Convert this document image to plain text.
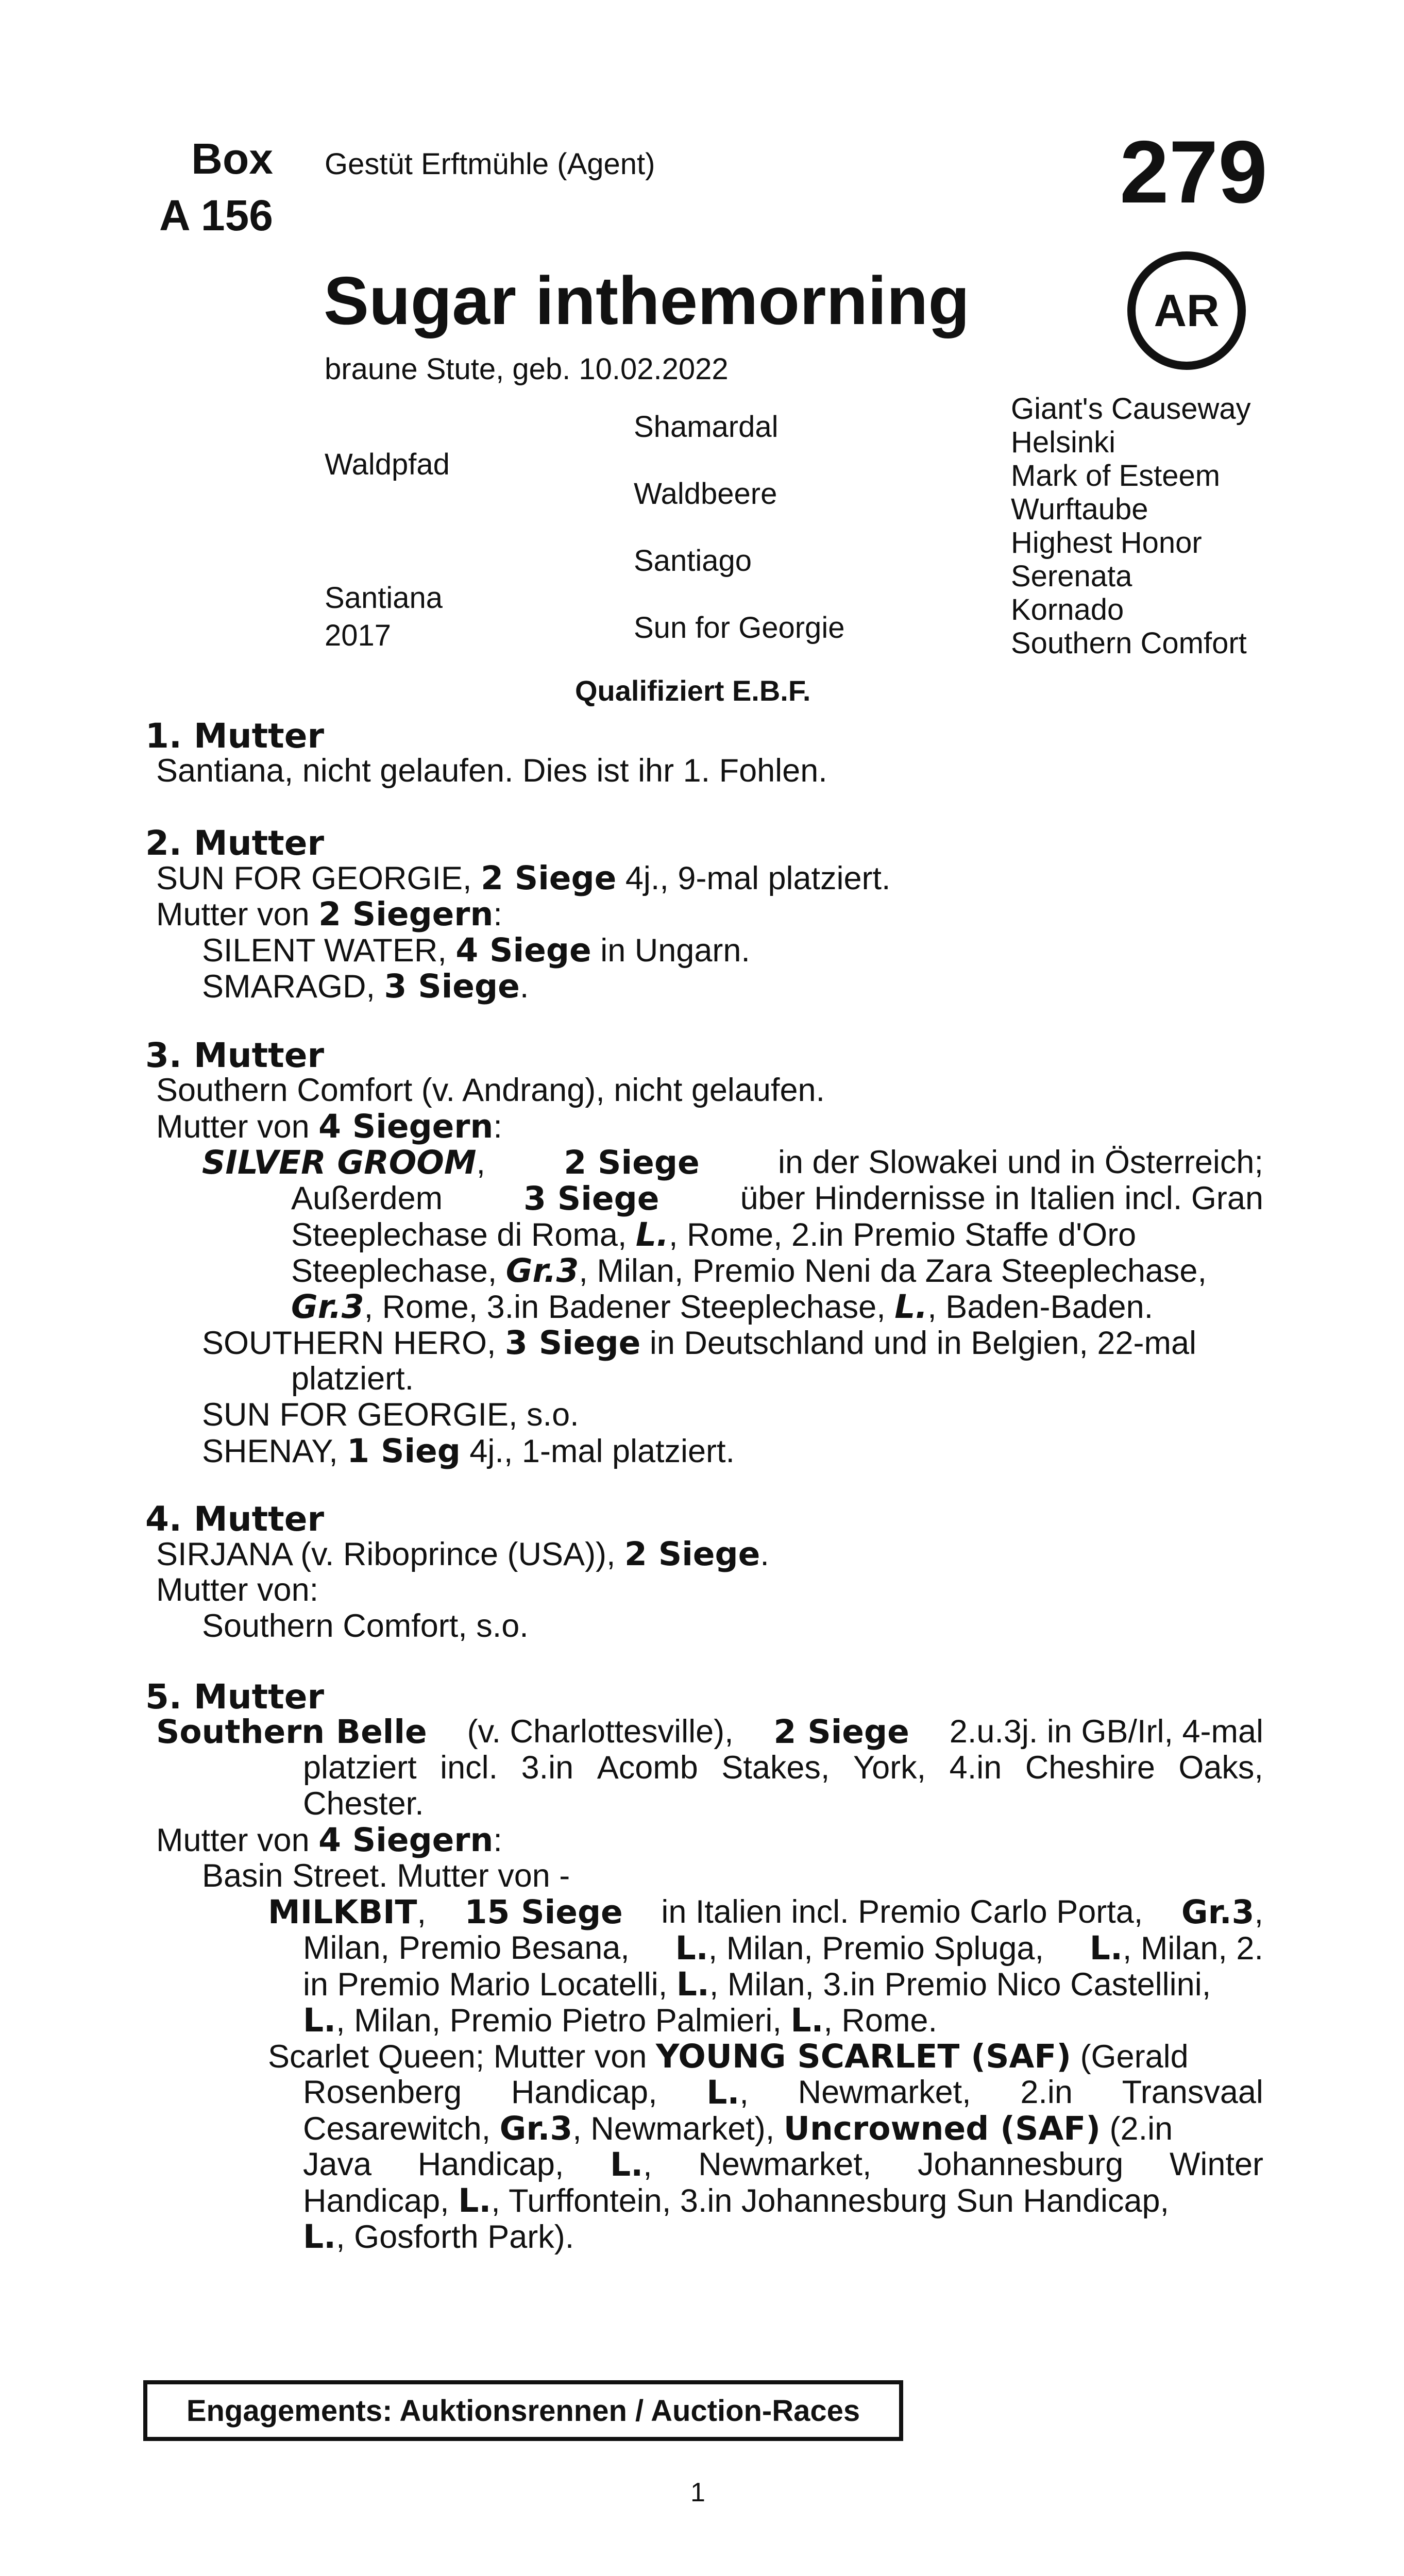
Box
A 156
Gestüt Erftmühle (Agent)	279
AR
Sugar inthemorning
braune Stute, geb. 10.02.2022
Waldpfad
Santiana
2017
Shamardal
Waldbeere
Santiago
Sun for Georgie
Giant's Causeway
Helsinki
Mark of Esteem
Wurftaube
Highest Honor
Serenata
Kornado
Southern Comfort
Qualifiziert E.B.F.
1. Mutter
Santiana, nicht gelaufen. Dies ist ihr 1. Fohlen.
2. Mutter
SUN FOR GEORGIE, 2 Siege 4j., 9-mal platziert.
Mutter von 2 Siegern:
SILENT WATER, 4 Siege in Ungarn.
SMARAGD, 3 Siege.
3. Mutter
Southern Comfort (v. Andrang), nicht gelaufen.
Mutter von 4 Siegern:
SILVER GROOM, 2 Siege in der Slowakei und in Österreich;
Außerdem 3 Siege über Hindernisse in Italien incl. Gran
Steeplechase di Roma, L., Rome, 2.in Premio Staffe d'Oro
Steeplechase, Gr.3, Milan, Premio Neni da Zara Steeplechase,
Gr.3, Rome, 3.in Badener Steeplechase, L., Baden-Baden.
SOUTHERN HERO, 3 Siege in Deutschland und in Belgien, 22-mal
platziert.
SUN FOR GEORGIE, s.o.
SHENAY, 1 Sieg 4j., 1-mal platziert.
4. Mutter
SIRJANA (v. Riboprince (USA)), 2 Siege.
Mutter von:
Southern Comfort, s.o.
5. Mutter
Southern Belle (v. Charlottesville), 2 Siege 2.u.3j. in GB/Irl, 4-mal
platziert incl. 3.in Acomb Stakes, York, 4.in Cheshire Oaks,
Chester.
Mutter von 4 Siegern:
Basin Street. Mutter von -
MILKBIT, 15 Siege in Italien incl. Premio Carlo Porta, Gr.3,
Milan, Premio Besana, L., Milan, Premio Spluga, L., Milan, 2.
in Premio Mario Locatelli, L., Milan, 3.in Premio Nico Castellini,
L., Milan, Premio Pietro Palmieri, L., Rome.
Scarlet Queen; Mutter von YOUNG SCARLET (SAF) (Gerald
Rosenberg Handicap, L., Newmarket, 2.in Transvaal
Cesarewitch, Gr.3, Newmarket), Uncrowned (SAF) (2.in
Java Handicap, L., Newmarket, Johannesburg Winter
Handicap, L., Turffontein, 3.in Johannesburg Sun Handicap,
L., Gosforth Park).
Engagements: Auktionsrennen / Auction-Races
1
